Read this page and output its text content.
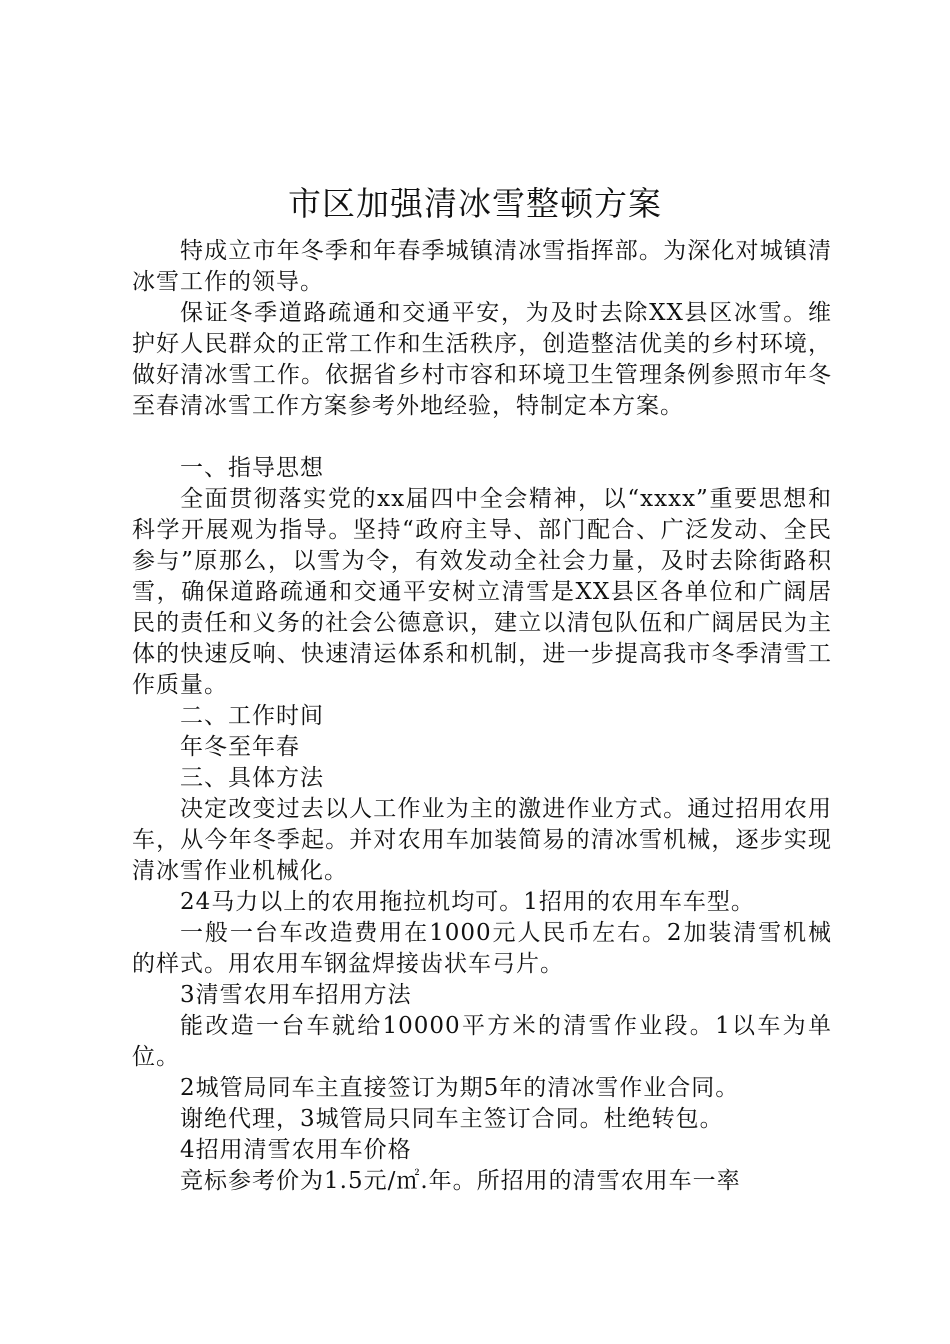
市区加强清冰雪整顿方案

特成立市年冬季和年春季城镇清冰雪指挥部。为深化对城镇清冰雪工作的领导。

保证冬季道路疏通和交通平安，为及时去除XX县区冰雪。维护好人民群众的正常工作和生活秩序，创造整洁优美的乡村环境，做好清冰雪工作。依据省乡村市容和环境卫生管理条例参照市年冬至春清冰雪工作方案参考外地经验，特制定本方案。

一、指导思想

全面贯彻落实党的xx届四中全会精神，以“xxxx”重要思想和科学开展观为指导。坚持“政府主导、部门配合、广泛发动、全民参与”原那么，以雪为令，有效发动全社会力量，及时去除街路积雪，确保道路疏通和交通平安树立清雪是XX县区各单位和广阔居民的责任和义务的社会公德意识，建立以清包队伍和广阔居民为主体的快速反响、快速清运体系和机制，进一步提高我市冬季清雪工作质量。

二、工作时间

年冬至年春

三、具体方法

决定改变过去以人工作业为主的激进作业方式。通过招用农用车，从今年冬季起。并对农用车加装简易的清冰雪机械，逐步实现清冰雪作业机械化。

24马力以上的农用拖拉机均可。1招用的农用车车型。

一般一台车改造费用在1000元人民币左右。2加装清雪机械的样式。用农用车钢盆焊接齿状车弓片。

3清雪农用车招用方法

能改造一台车就给10000平方米的清雪作业段。1以车为单位。

2城管局同车主直接签订为期5年的清冰雪作业合同。

谢绝代理，3城管局只同车主签订合同。杜绝转包。

4招用清雪农用车价格

竞标参考价为1.5元/㎡.年。所招用的清雪农用车一率
